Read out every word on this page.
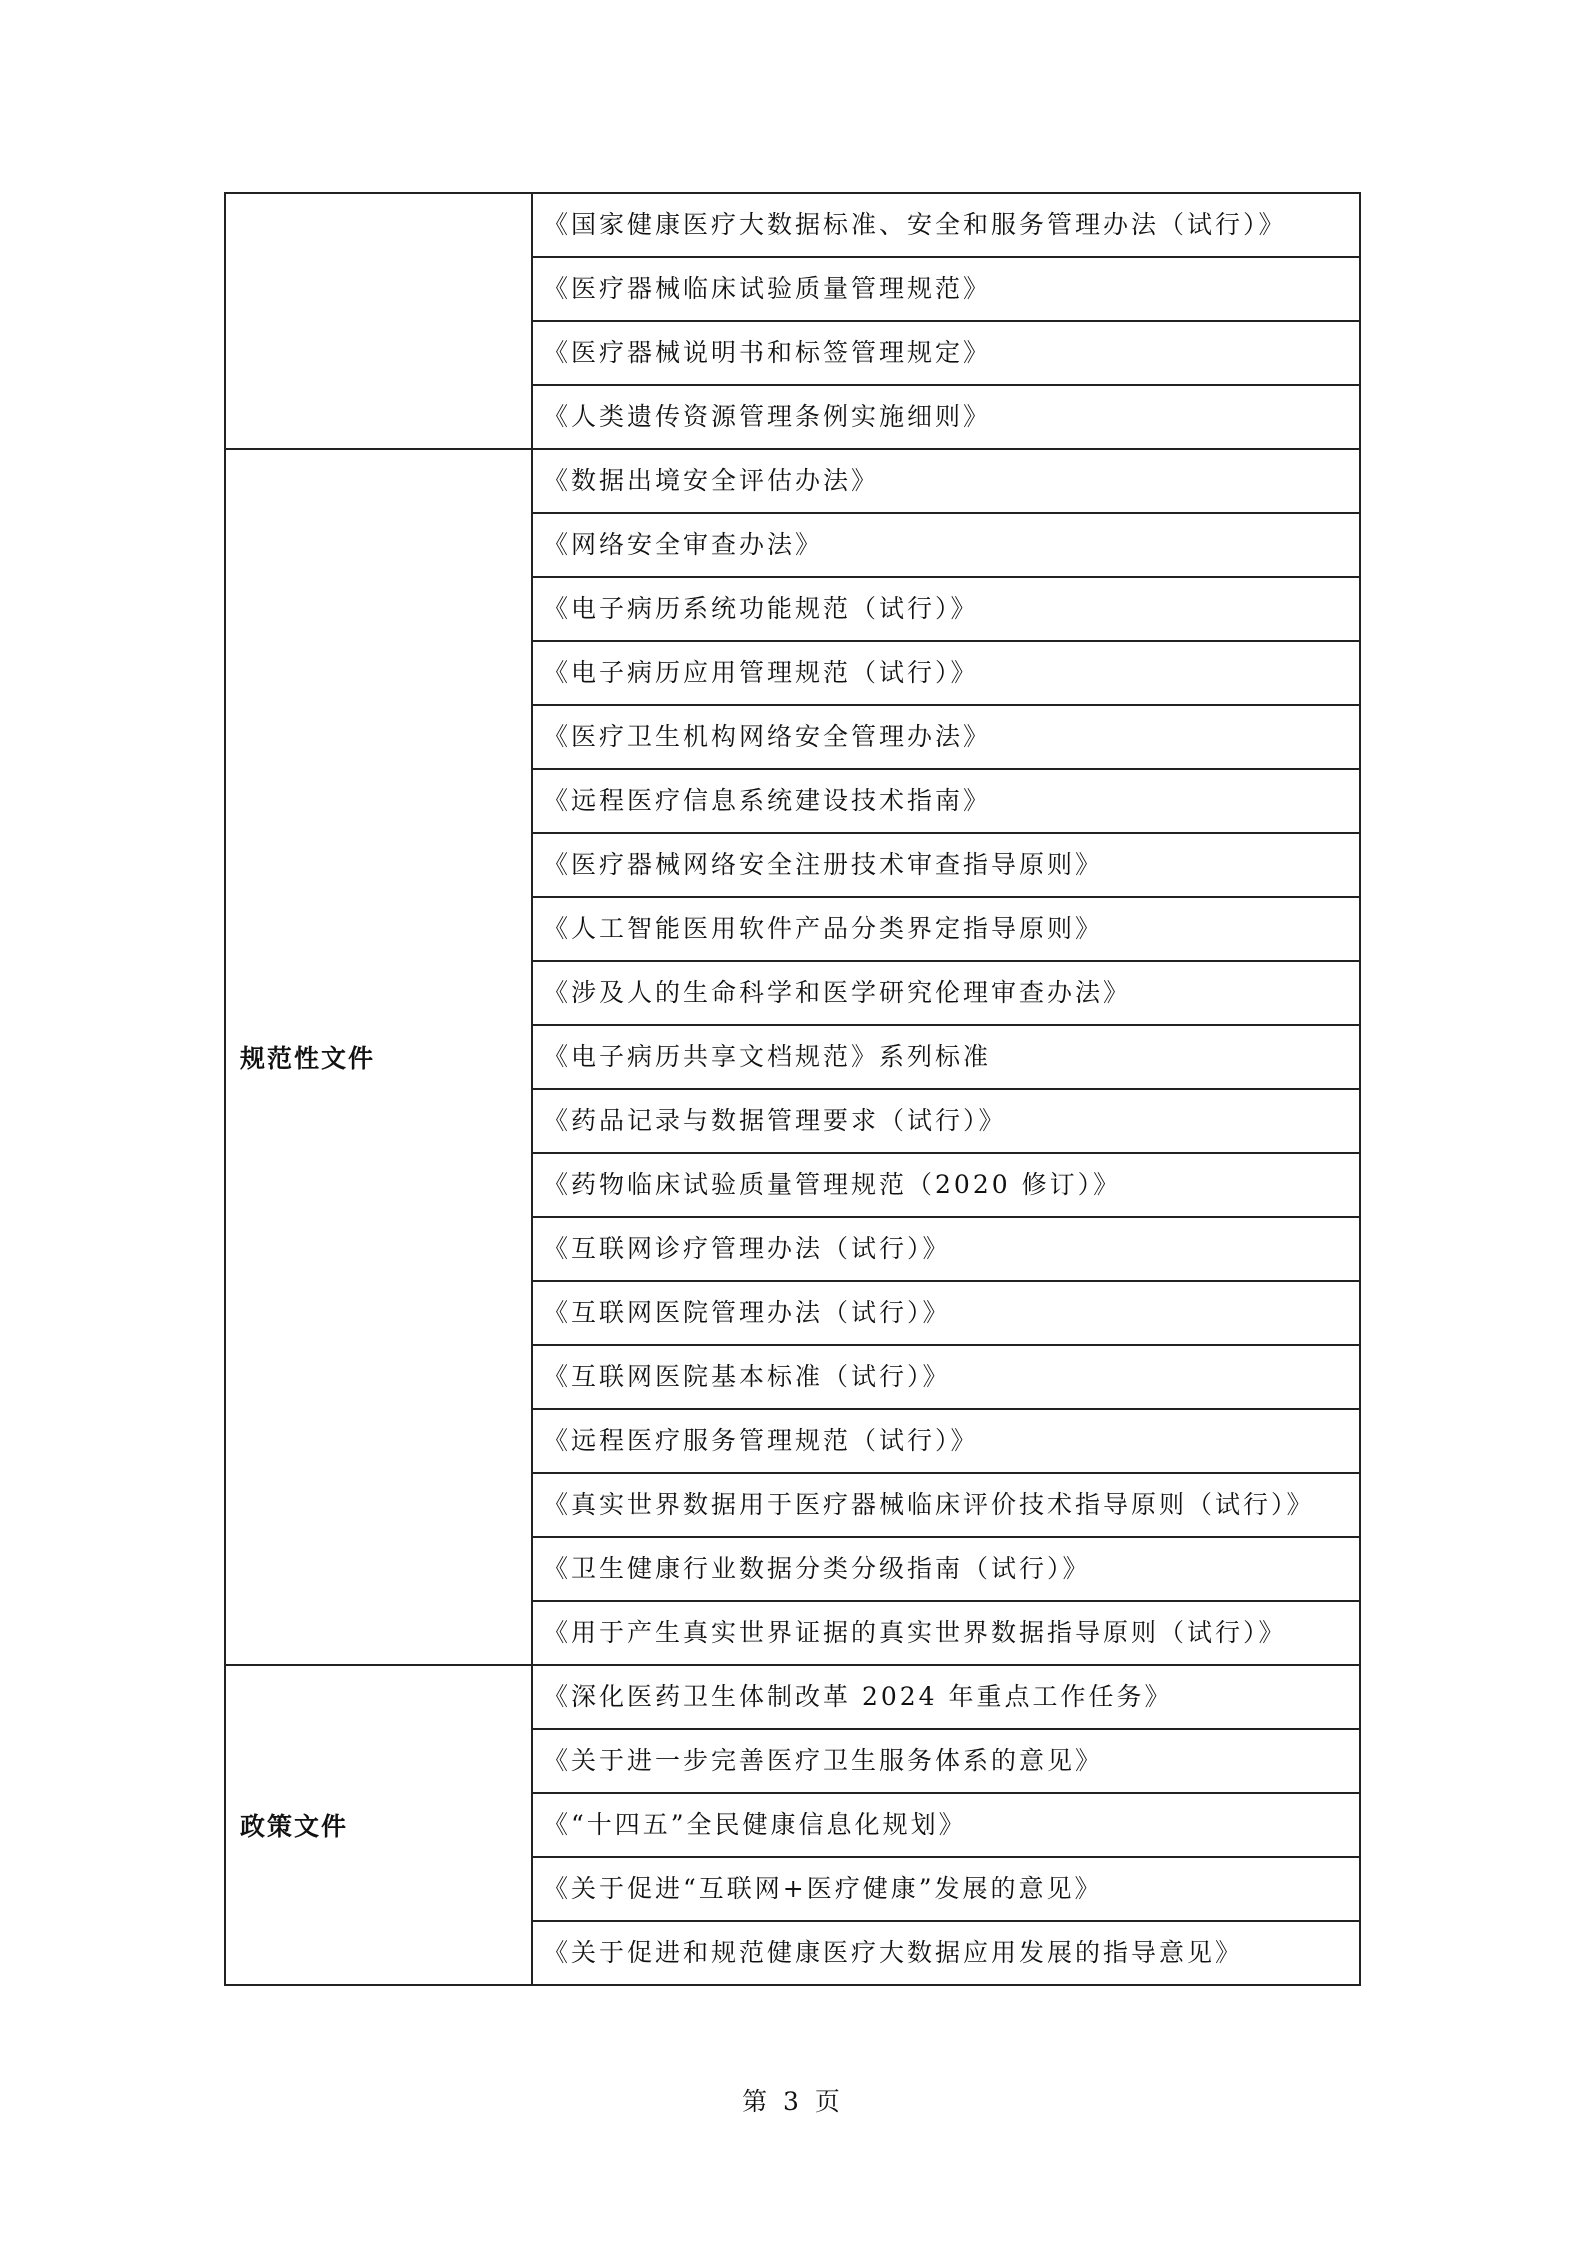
	《国家健康医疗大数据标准、安全和服务管理办法（试行）》
	《医疗器械临床试验质量管理规范》
	《医疗器械说明书和标签管理规定》
	《人类遗传资源管理条例实施细则》
规范性文件	《数据出境安全评估办法》
	《网络安全审查办法》
	《电子病历系统功能规范（试行）》
	《电子病历应用管理规范（试行）》
	《医疗卫生机构网络安全管理办法》
	《远程医疗信息系统建设技术指南》
	《医疗器械网络安全注册技术审查指导原则》
	《人工智能医用软件产品分类界定指导原则》
	《涉及人的生命科学和医学研究伦理审查办法》
	《电子病历共享文档规范》系列标准
	《药品记录与数据管理要求（试行）》
	《药物临床试验质量管理规范（2020 修订）》
	《互联网诊疗管理办法（试行）》
	《互联网医院管理办法（试行）》
	《互联网医院基本标准（试行）》
	《远程医疗服务管理规范（试行）》
	《真实世界数据用于医疗器械临床评价技术指导原则（试行）》
	《卫生健康行业数据分类分级指南（试行）》
	《用于产生真实世界证据的真实世界数据指导原则（试行）》
政策文件	《深化医药卫生体制改革 2024 年重点工作任务》
	《关于进一步完善医疗卫生服务体系的意见》
	《“十四五”全民健康信息化规划》
	《关于促进“互联网+医疗健康”发展的意见》
	《关于促进和规范健康医疗大数据应用发展的指导意见》
第 3 页
